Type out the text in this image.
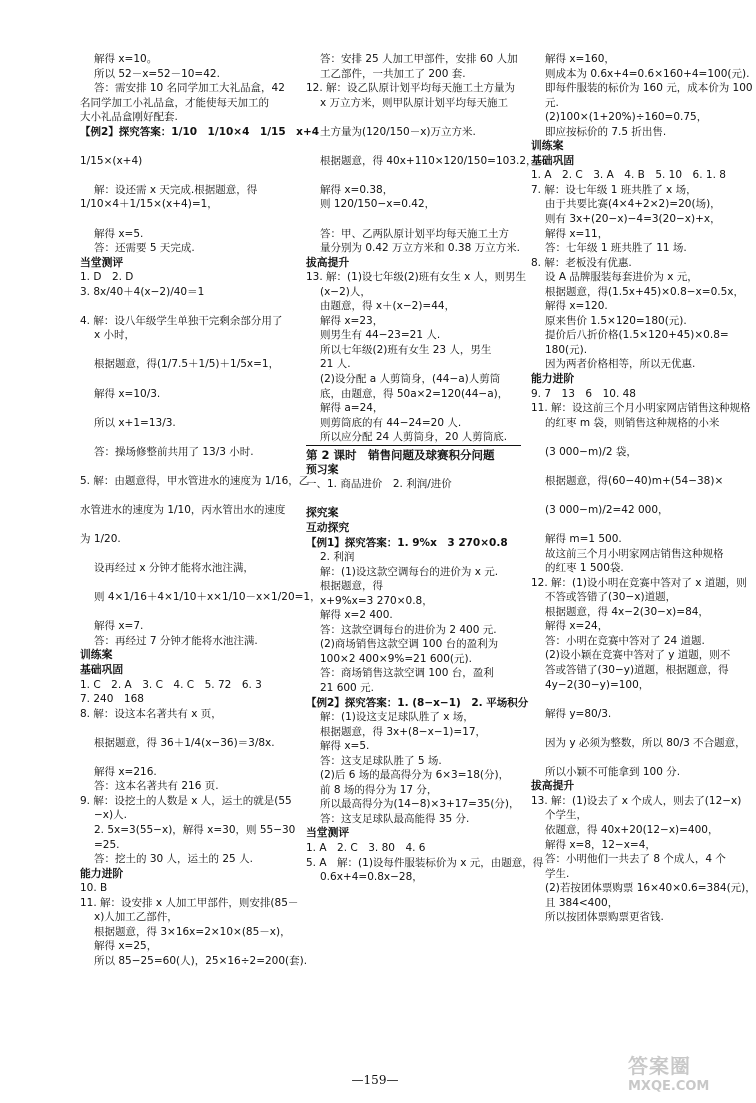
解得 x=10。
所以 52－x=52－10=42.
答：需安排 10 名同学加工大礼品盒，42
名同学加工小礼品盒，才能使每天加工的
大小礼品盒刚好配套.
【例2】探究答案：1/10　1/10×4　1/15　x+4
1/15×(x+4)
解：设还需 x 天完成.根据题意，得
1/10×4＋1/15×(x+4)=1，
解得 x=5.
答：还需要 5 天完成.
当堂测评
1. D　2. D
3. 8x/40＋4(x−2)/40＝1
4. 解：设八年级学生单独干完剩余部分用了
x 小时，
根据题意，得(1/7.5＋1/5)＋1/5x=1，
解得 x=10/3.
所以 x+1=13/3.
答：操场修整前共用了 13/3 小时.
5. 解：由题意得，甲水管进水的速度为 1/16，乙
水管进水的速度为 1/10，丙水管出水的速度
为 1/20.
设再经过 x 分钟才能将水池注满，
则 4×1/16＋4×1/10＋x×1/10－x×1/20=1，
解得 x=7.
答：再经过 7 分钟才能将水池注满.
训练案
基础巩固
1. C　2. A　3. C　4. C　5. 72　6. 3
7. 240　168
8. 解：设这本名著共有 x 页，
根据题意，得 36＋1/4(x−36)＝3/8x.
解得 x=216.
答：这本名著共有 216 页.
9. 解：设挖土的人数是 x 人，运土的就是(55
−x)人.
2. 5x=3(55−x)，解得 x=30，则 55−30
=25.
答：挖土的 30 人，运土的 25 人.
能力进阶
10. B
11. 解：设安排 x 人加工甲部件，则安排(85－
x)人加工乙部件，
根据题意，得 3×16x=2×10×(85－x)，
解得 x=25，
所以 85−25=60(人)，25×16÷2=200(套).
答：安排 25 人加工甲部件，安排 60 人加
工乙部件，一共加工了 200 套.
12. 解：设乙队原计划平均每天施工土方量为
x 万立方米，则甲队原计划平均每天施工
土方量为(120/150－x)万立方米.
根据题意，得 40x+110×120/150=103.2，
解得 x=0.38，
则 120/150−x=0.42，
答：甲、乙两队原计划平均每天施工土方
量分别为 0.42 万立方米和 0.38 万立方米.
拔高提升
13. 解：(1)设七年级(2)班有女生 x 人，则男生
(x−2)人，
由题意，得 x＋(x−2)=44，
解得 x=23，
则男生有 44−23=21 人.
所以七年级(2)班有女生 23 人，男生
21 人.
(2)设分配 a 人剪筒身，(44−a)人剪筒
底，由题意，得 50a×2=120(44−a)，
解得 a=24，
则剪筒底的有 44−24=20 人.
所以应分配 24 人剪筒身，20 人剪筒底.
第 2 课时　销售问题及球赛积分问题
预习案
一、1. 商品进价　2. 利润/进价
探究案
互动探究
【例1】探究答案：1. 9%x　3 270×0.8
2. 利润
解：(1)设这款空调每台的进价为 x 元.
根据题意，得
x+9%x=3 270×0.8，
解得 x=2 400.
答：这款空调每台的进价为 2 400 元.
(2)商场销售这款空调 100 台的盈利为
100×2 400×9%=21 600(元).
答：商场销售这款空调 100 台，盈利
21 600 元.
【例2】探究答案：1. (8−x−1)　2. 平场积分
解：(1)设这支足球队胜了 x 场，
根据题意，得 3x+(8−x−1)=17，
解得 x=5.
答：这支足球队胜了 5 场.
(2)后 6 场的最高得分为 6×3=18(分)，
前 8 场的得分为 17 分，
所以最高得分为(14−8)×3+17=35(分)，
答：这支足球队最高能得 35 分.
当堂测评
1. A　2. C　3. 80　4. 6
5. A　解：(1)设每件服装标价为 x 元，由题意，得
0.6x+4=0.8x−28，
解得 x=160，
则成本为 0.6x+4=0.6×160+4=100(元).
即每件服装的标价为 160 元，成本价为 100
元.
(2)100×(1+20%)÷160=0.75，
即应按标价的 7.5 折出售.
训练案
基础巩固
1. A　2. C　3. A　4. B　5. 10　6. 1. 8
7. 解：设七年级 1 班共胜了 x 场，
由于共要比赛(4×4+2×2)=20(场)，
则有 3x+(20−x)−4=3(20−x)+x，
解得 x=11，
答：七年级 1 班共胜了 11 场.
8. 解：老板没有优惠.
设 A 品牌服装每套进价为 x 元，
根据题意，得(1.5x+45)×0.8−x=0.5x，
解得 x=120.
原来售价 1.5×120=180(元).
提价后八折价格(1.5×120+45)×0.8=
180(元).
因为两者价格相等，所以无优惠.
能力进阶
9. 7　13　6　10. 48
11. 解：设这前三个月小明家网店销售这种规格
的红枣 m 袋，则销售这种规格的小米
(3 000−m)/2 袋，
根据题意，得(60−40)m+(54−38)×
(3 000−m)/2=42 000，
解得 m=1 500.
故这前三个月小明家网店销售这种规格
的红枣 1 500袋.
12. 解：(1)设小明在竞赛中答对了 x 道题，则
不答或答错了(30−x)道题，
根据题意，得 4x−2(30−x)=84，
解得 x=24，
答：小明在竞赛中答对了 24 道题.
(2)设小颖在竞赛中答对了 y 道题，则不
答或答错了(30−y)道题，根据题意，得
4y−2(30−y)=100，
解得 y=80/3.
因为 y 必须为整数，所以 80/3 不合题意，
所以小颖不可能拿到 100 分.
拔高提升
13. 解：(1)设去了 x 个成人，则去了(12−x)
个学生，
依题意，得 40x+20(12−x)=400，
解得 x=8，12−x=4，
答：小明他们一共去了 8 个成人，4 个
学生.
(2)若按团体票购票 16×40×0.6=384(元)，
且 384<400，
所以按团体票购票更省钱.
—159—
答案圈
MXQE.COM
